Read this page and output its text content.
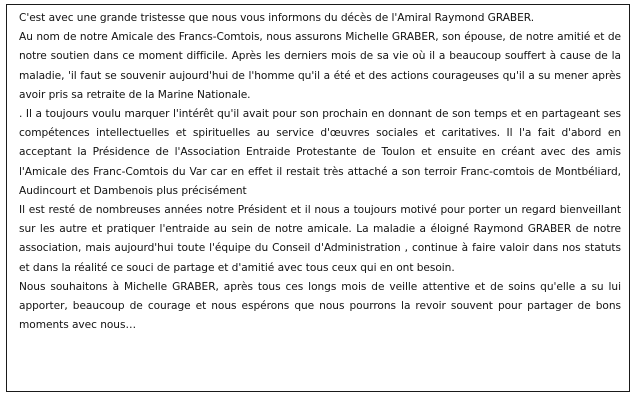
C'est avec une grande tristesse que nous vous informons du décès de l'Amiral Raymond GRABER.

Au nom de notre Amicale des Francs-Comtois, nous assurons Michelle GRABER, son épouse, de notre amitié et de notre soutien dans ce moment difficile. Après les derniers mois de sa vie où il a beaucoup souffert à cause de la maladie, 'il faut se souvenir aujourd'hui de l'homme qu'il a été et des actions courageuses qu'il a su mener après avoir pris sa retraite de la Marine Nationale.

. Il a toujours voulu marquer l'intérêt qu'il avait pour son prochain en donnant de son temps et en partageant ses compétences intellectuelles et spirituelles au service d'œuvres sociales et caritatives. Il l'a fait d'abord en acceptant la Présidence de l'Association Entraide Protestante de Toulon et ensuite en créant avec des amis l'Amicale des Franc-Comtois du Var car en effet il restait très attaché a son terroir Franc-comtois de Montbéliard, Audincourt et Dambenois plus précisément

Il est resté de nombreuses années notre Président et il nous a toujours motivé pour porter un regard bienveillant sur les autre et pratiquer l'entraide au sein de notre amicale. La maladie a éloigné Raymond GRABER de notre association, mais aujourd'hui toute l'équipe du Conseil d'Administration , continue à faire valoir dans nos statuts et dans la réalité ce souci de partage et d'amitié avec tous ceux qui en ont besoin.

Nous souhaitons à Michelle GRABER, après tous ces longs mois de veille attentive et de soins qu'elle a su lui apporter, beaucoup de courage et nous espérons que nous pourrons la revoir souvent pour partager de bons moments avec nous…
